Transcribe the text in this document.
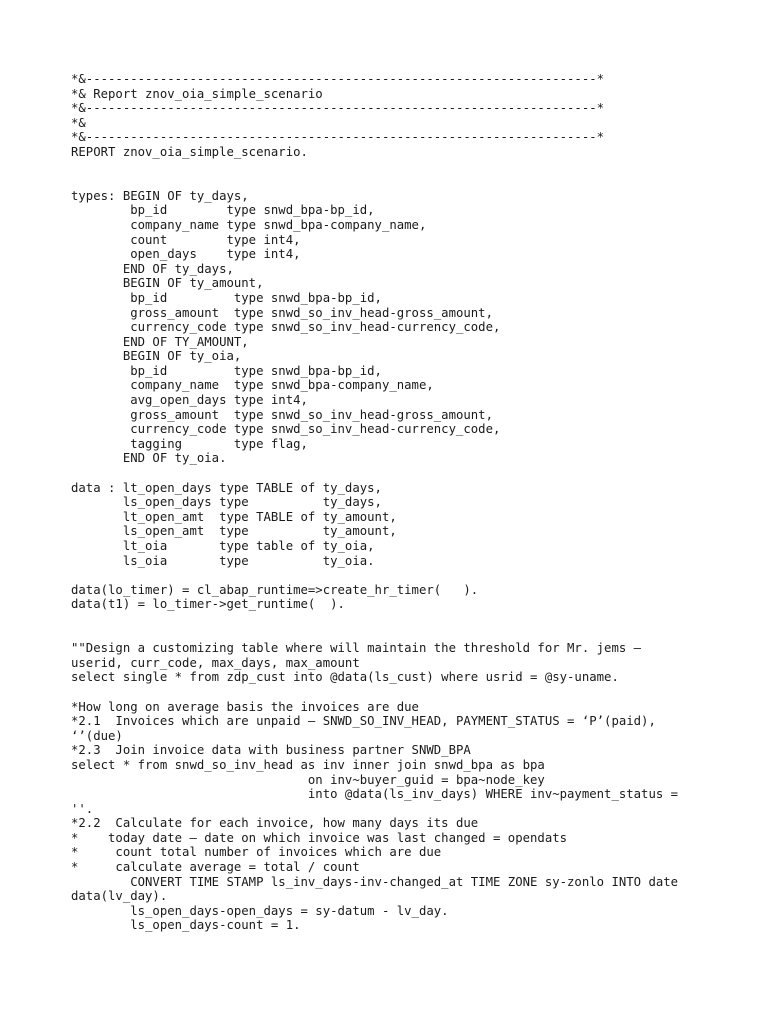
*&---------------------------------------------------------------------*
*& Report znov_oia_simple_scenario
*&---------------------------------------------------------------------*
*&
*&---------------------------------------------------------------------*
REPORT znov_oia_simple_scenario.
types: BEGIN OF ty_days,
bp_id        type snwd_bpa-bp_id,
company_name type snwd_bpa-company_name,
count        type int4,
open_days    type int4,
END OF ty_days,
BEGIN OF ty_amount,
bp_id         type snwd_bpa-bp_id,
gross_amount  type snwd_so_inv_head-gross_amount,
currency_code type snwd_so_inv_head-currency_code,
END OF TY_AMOUNT,
BEGIN OF ty_oia,
bp_id         type snwd_bpa-bp_id,
company_name  type snwd_bpa-company_name,
avg_open_days type int4,
gross_amount  type snwd_so_inv_head-gross_amount,
currency_code type snwd_so_inv_head-currency_code,
tagging       type flag,
END OF ty_oia.
data : lt_open_days type TABLE of ty_days,
ls_open_days type          ty_days,
lt_open_amt  type TABLE of ty_amount,
ls_open_amt  type          ty_amount,
lt_oia       type table of ty_oia,
ls_oia       type          ty_oia.
data(lo_timer) = cl_abap_runtime=>create_hr_timer(   ).
data(t1) = lo_timer->get_runtime(  ).
""Design a customizing table where will maintain the threshold for Mr. jems –
userid, curr_code, max_days, max_amount
select single * from zdp_cust into @data(ls_cust) where usrid = @sy-uname.
*How long on average basis the invoices are due
*2.1  Invoices which are unpaid – SNWD_SO_INV_HEAD, PAYMENT_STATUS = ‘P’(paid),
‘’(due)
*2.3  Join invoice data with business partner SNWD_BPA
select * from snwd_so_inv_head as inv inner join snwd_bpa as bpa
on inv~buyer_guid = bpa~node_key
into @data(ls_inv_days) WHERE inv~payment_status =
''.
*2.2  Calculate for each invoice, how many days its due
*    today date – date on which invoice was last changed = opendats
*     count total number of invoices which are due
*     calculate average = total / count
CONVERT TIME STAMP ls_inv_days-inv-changed_at TIME ZONE sy-zonlo INTO date
data(lv_day).
ls_open_days-open_days = sy-datum - lv_day.
ls_open_days-count = 1.
